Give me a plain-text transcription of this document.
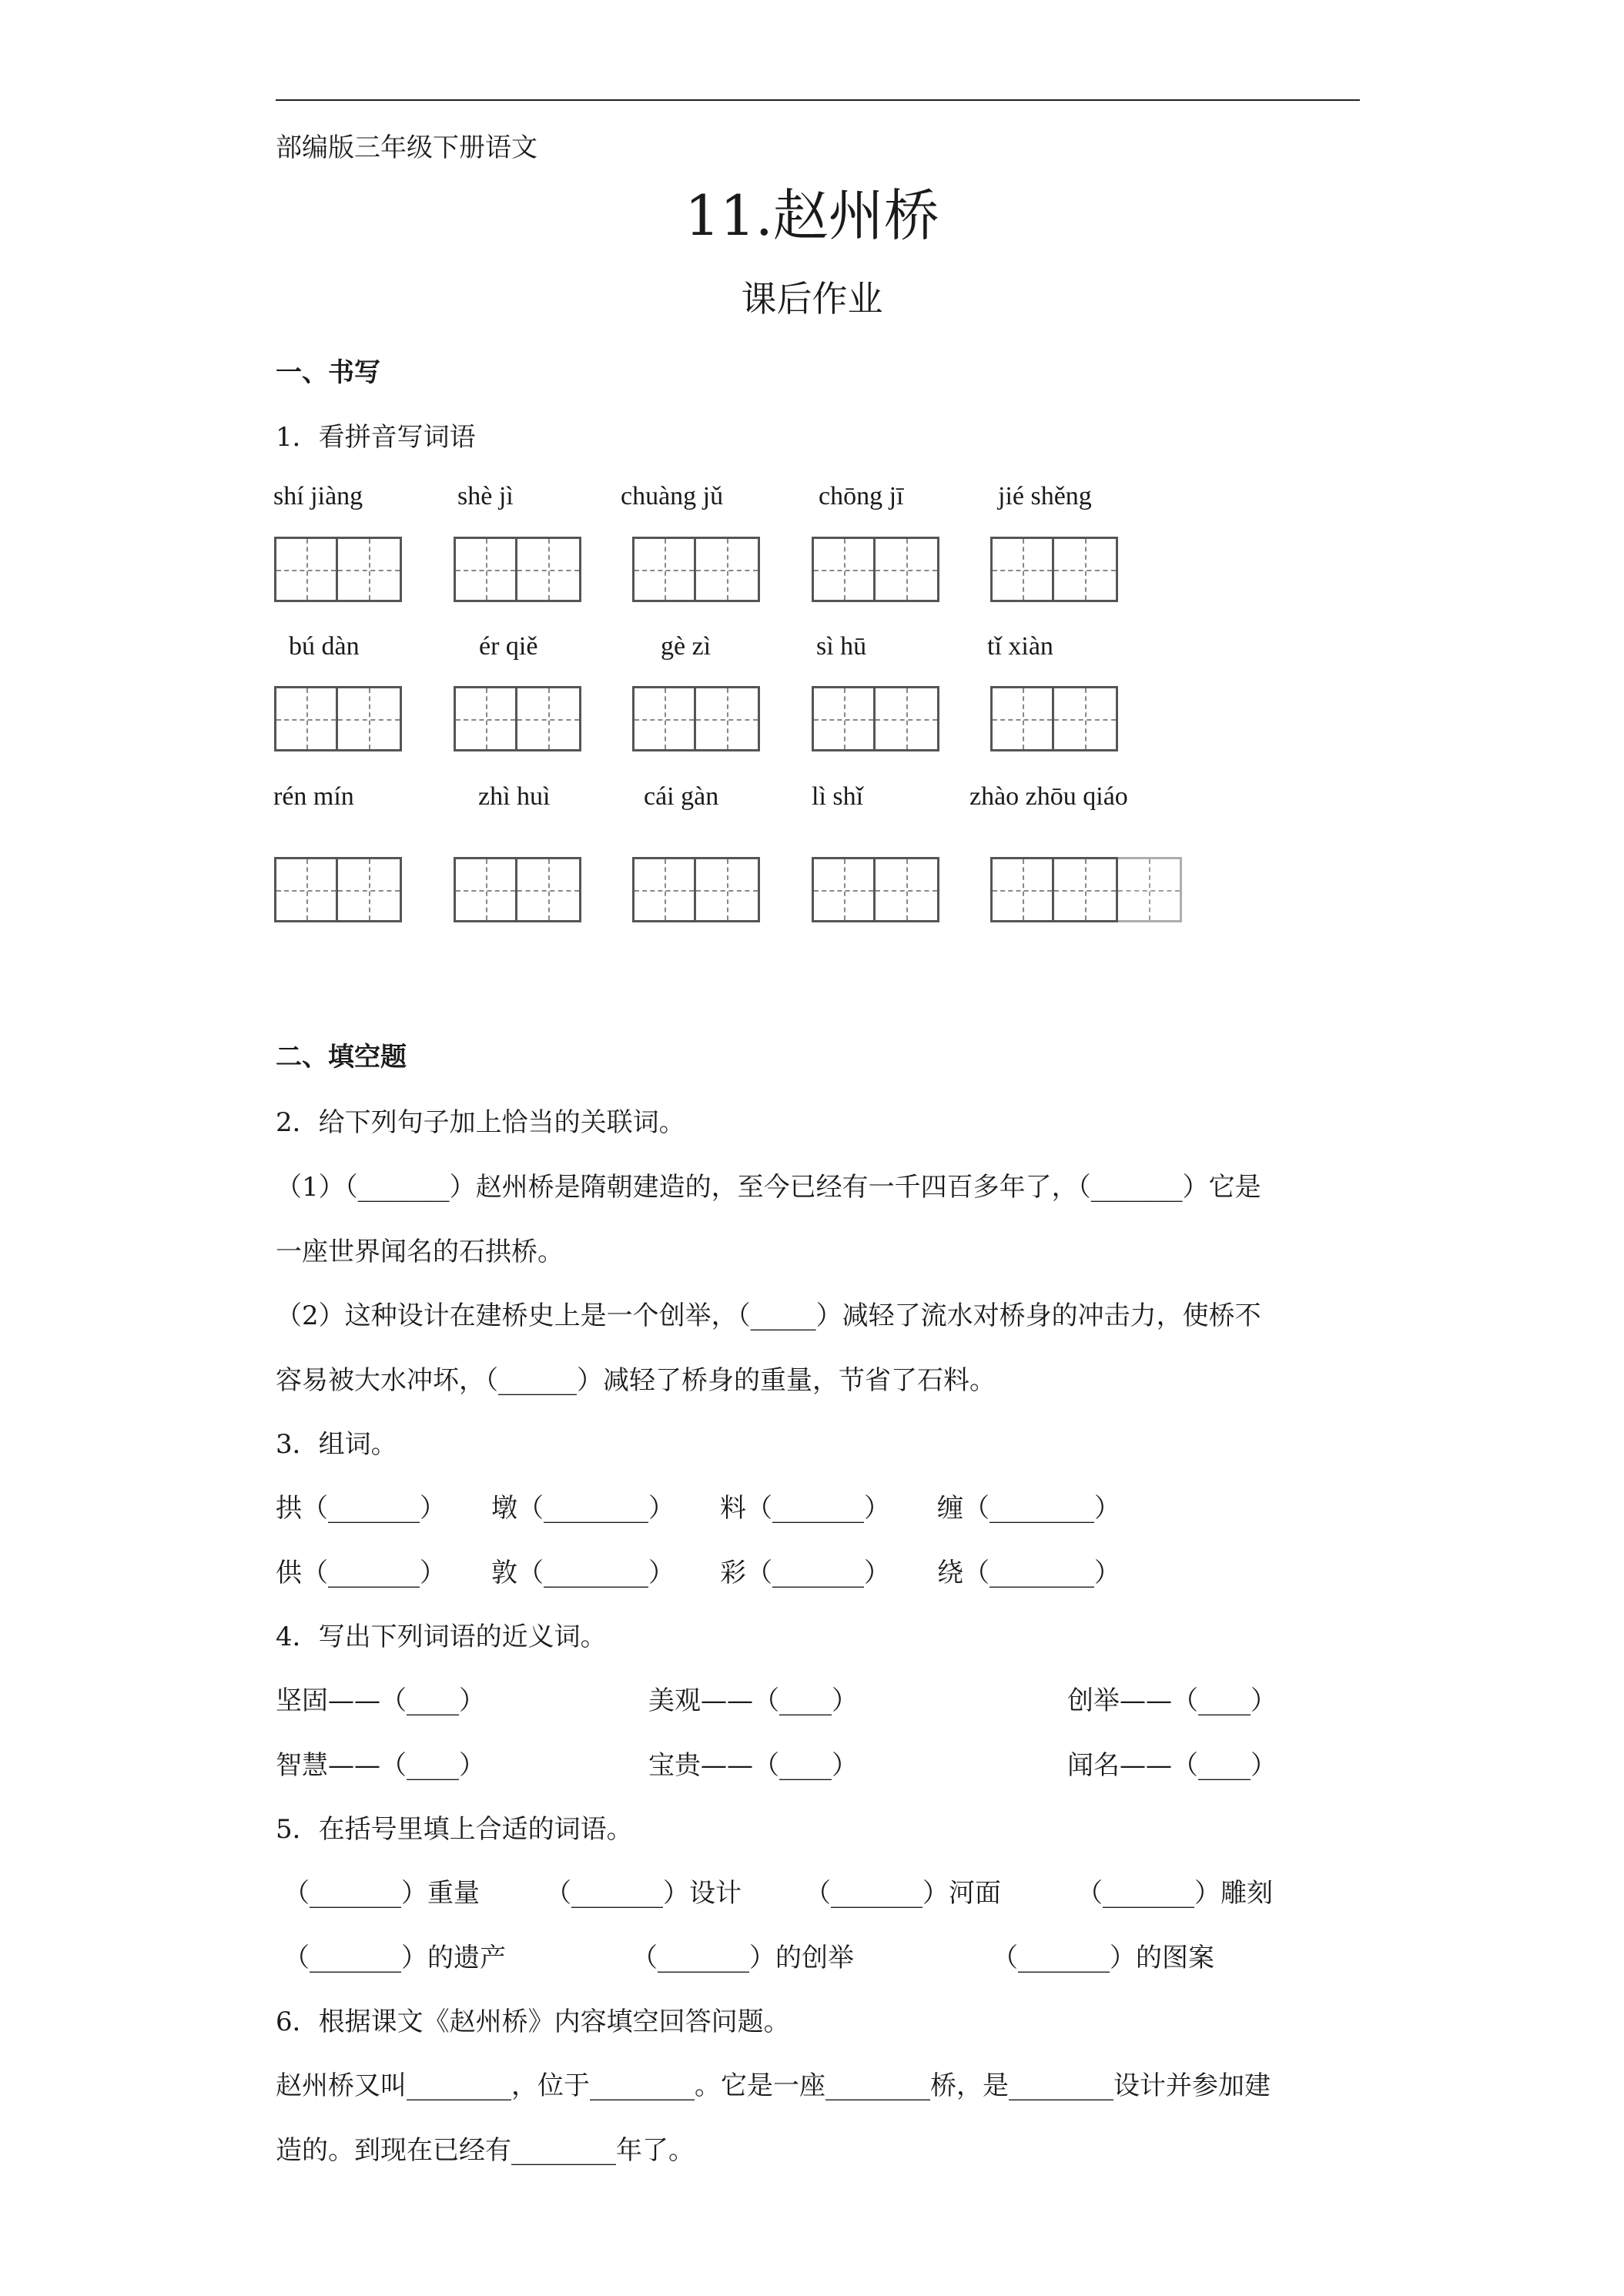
部编版三年级下册语文
11.赵州桥
课后作业
一、书写
1．看拼音写词语
shí jiàng	shè jì	chuàng jǔ	chōng jī	jié shěng
bú dàn	ér qiě	gè zì	sì hū	tǐ xiàn
rén mín	zhì huì	cái gàn	lì shǐ	zhào zhōu qiáo
二、填空题
2．给下列句子加上恰当的关联词。
（1）（_______）赵州桥是隋朝建造的，至今已经有一千四百多年了，（_______）它是
一座世界闻名的石拱桥。
（2）这种设计在建桥史上是一个创举，（_____）减轻了流水对桥身的冲击力，使桥不
容易被大水冲坏，（______）减轻了桥身的重量，节省了石料。
3．组词。
拱（_______） 墩（________） 料（_______） 缠（________）
供（_______） 敦（________） 彩（_______） 绕（________）
4．写出下列词语的近义词。
坚固——（____）	美观——（____）	创举——（____）
智慧——（____）	宝贵——（____）	闻名——（____）
5．在括号里填上合适的词语。
（_______）重量	（_______）设计 （_______）河面	（_______）雕刻
（_______）的遗产	（_______）的创举	（_______）的图案
6．根据课文《赵州桥》内容填空回答问题。
赵州桥又叫________，位于________。它是一座________桥，是________设计并参加建
造的。到现在已经有________年了。
